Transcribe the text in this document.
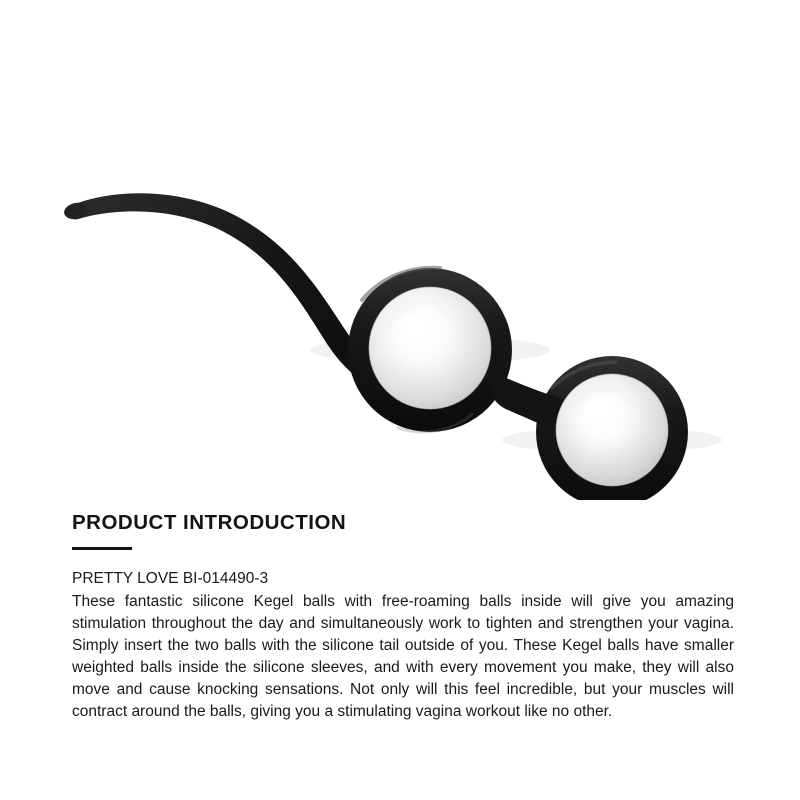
PRODUCT INTRODUCTION

PRETTY LOVE BI-014490-3

These fantastic silicone Kegel balls with free-roaming balls inside will give you amazing stimulation throughout the day and simultaneously work to tighten and strengthen your vagina. Simply insert the two balls with the silicone tail outside of you. These Kegel balls have smaller weighted balls inside the silicone sleeves, and with every movement you make, they will also move and cause knocking sensations. Not only will this feel incredible, but your muscles will contract around the balls, giving you a stimulating vagina workout like no other.
